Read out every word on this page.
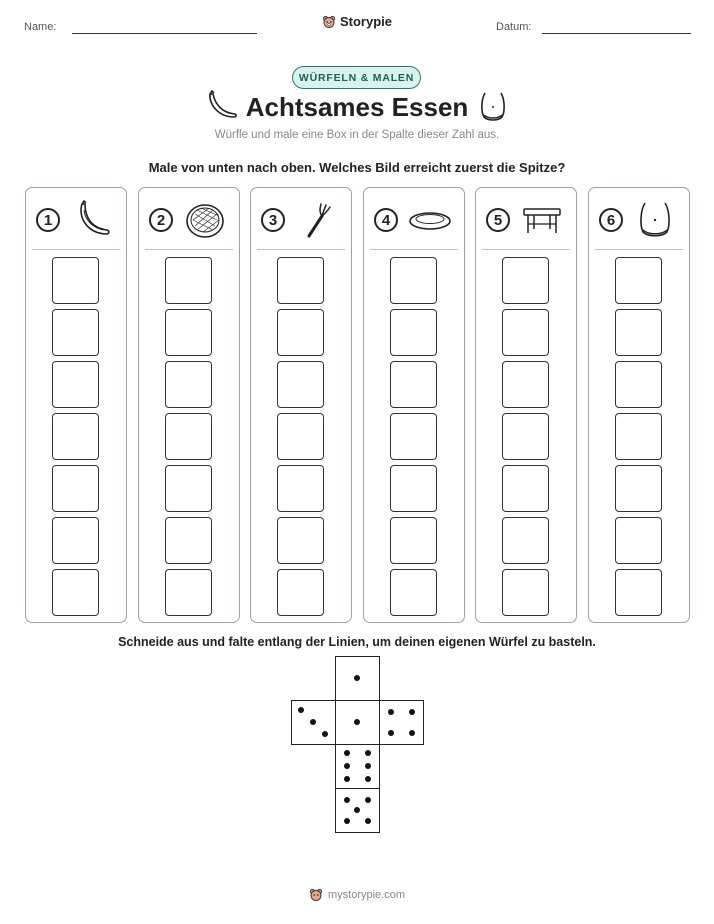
Name:	Storypie	Datum:
WÜRFELN & MALEN
Achtsames Essen
Würfle und male eine Box in der Spalte dieser Zahl aus.
Male von unten nach oben. Welches Bild erreicht zuerst die Spitze?
1	2	3	4	5	6
Schneide aus und falte entlang der Linien, um deinen eigenen Würfel zu basteln.
mystorypie.com
